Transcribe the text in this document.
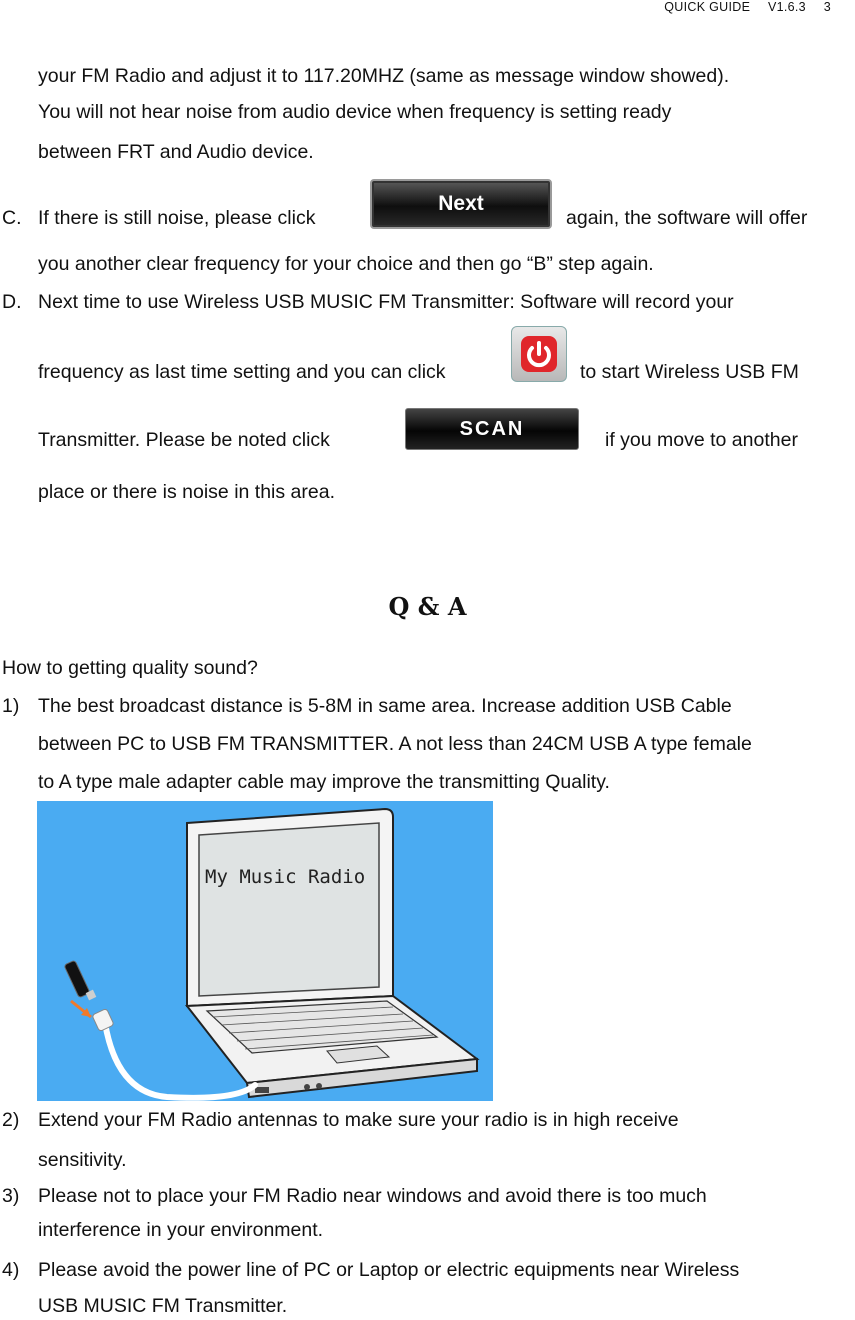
QUICK GUIDE V1.6.3 3
your FM Radio and adjust it to 117.20MHZ (same as message window showed).
You will not hear noise from audio device when frequency is setting ready
between FRT and Audio device.
C. If there is still noise, please click
Next
again, the software will offer
you another clear frequency for your choice and then go “B” step again.
D. Next time to use Wireless USB MUSIC FM Transmitter: Software will record your
frequency as last time setting and you can click	to start Wireless USB FM
Transmitter. Please be noted click	SCAN	if you move to another
place or there is noise in this area.
Q & A
How to getting quality sound?
1) The best broadcast distance is 5-8M in same area. Increase addition USB Cable
between PC to USB FM TRANSMITTER. A not less than 24CM USB A type female
to A type male adapter cable may improve the transmitting Quality.
My Music Radio
2) Extend your FM Radio antennas to make sure your radio is in high receive
sensitivity.
3) Please not to place your FM Radio near windows and avoid there is too much
interference in your environment.
4) Please avoid the power line of PC or Laptop or electric equipments near Wireless
USB MUSIC FM Transmitter.
